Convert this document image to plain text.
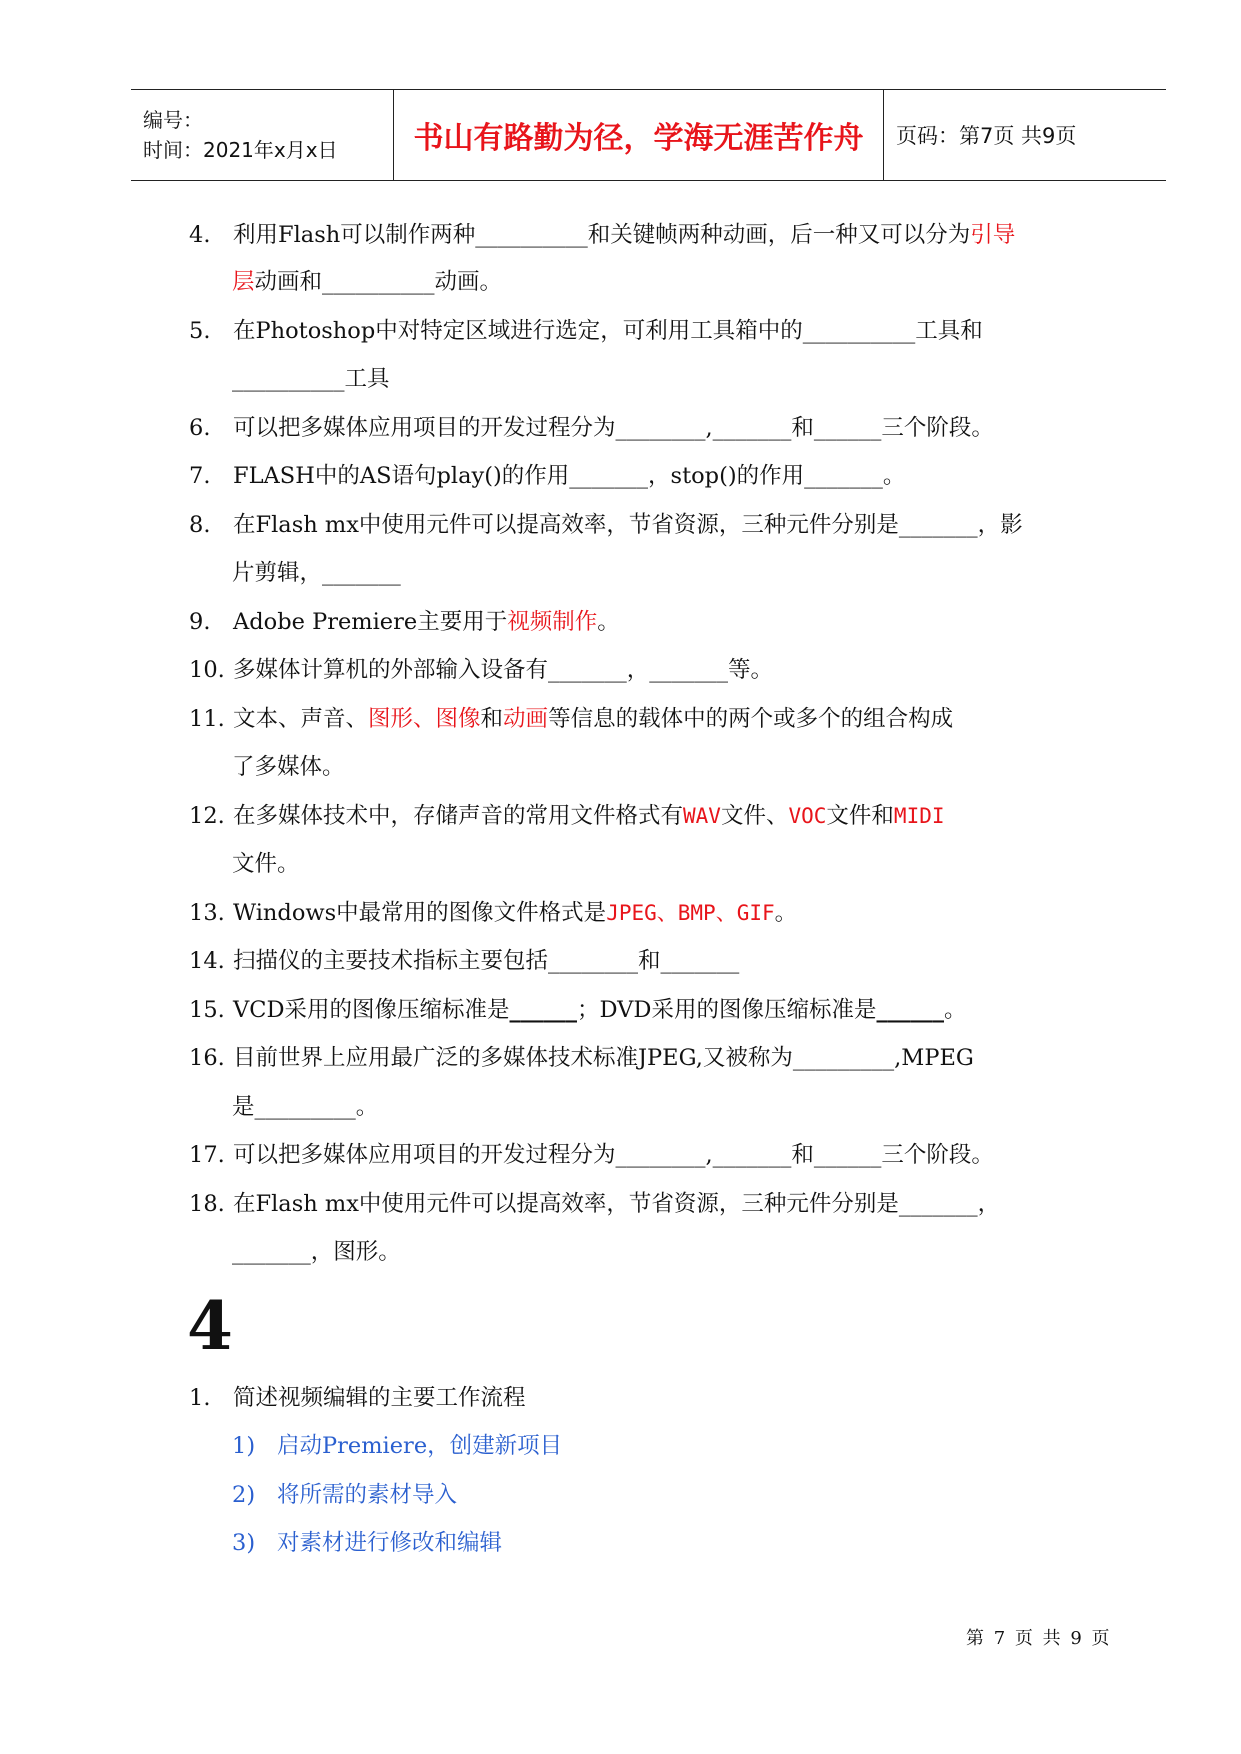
编号：
时间：2021年x月x日	书山有路勤为径，学海无涯苦作舟 页码：第7页 共9页
4. 利用Flash可以制作两种__________和关键帧两种动画，后一种又可以分为引导
层动画和__________动画。
5. 在Photoshop中对特定区域进行选定，可利用工具箱中的__________工具和
__________工具
6. 可以把多媒体应用项目的开发过程分为________,_______和______三个阶段。
7. FLASH中的AS语句play()的作用_______，stop()的作用_______。
8. 在Flash mx中使用元件可以提高效率，节省资源，三种元件分别是_______，影
片剪辑，_______
9. Adobe Premiere主要用于视频制作。
10. 多媒体计算机的外部输入设备有_______，_______等。
11. 文本、声音、图形、图像和动画等信息的载体中的两个或多个的组合构成
了多媒体。
12. 在多媒体技术中，存储声音的常用文件格式有WAV文件、VOC文件和MIDI
文件。
13. Windows中最常用的图像文件格式是JPEG、BMP、GIF。
14. 扫描仪的主要技术指标主要包括________和_______
15. VCD采用的图像压缩标准是______；DVD采用的图像压缩标准是______。
16. 目前世界上应用最广泛的多媒体技术标准JPEG,又被称为_________,MPEG
是_________。
17. 可以把多媒体应用项目的开发过程分为________,_______和______三个阶段。
18. 在Flash mx中使用元件可以提高效率，节省资源，三种元件分别是_______，
_______，图形。
4
1. 简述视频编辑的主要工作流程
1) 启动Premiere，创建新项目
2) 将所需的素材导入
3) 对素材进行修改和编辑
第 7 页 共 9 页
